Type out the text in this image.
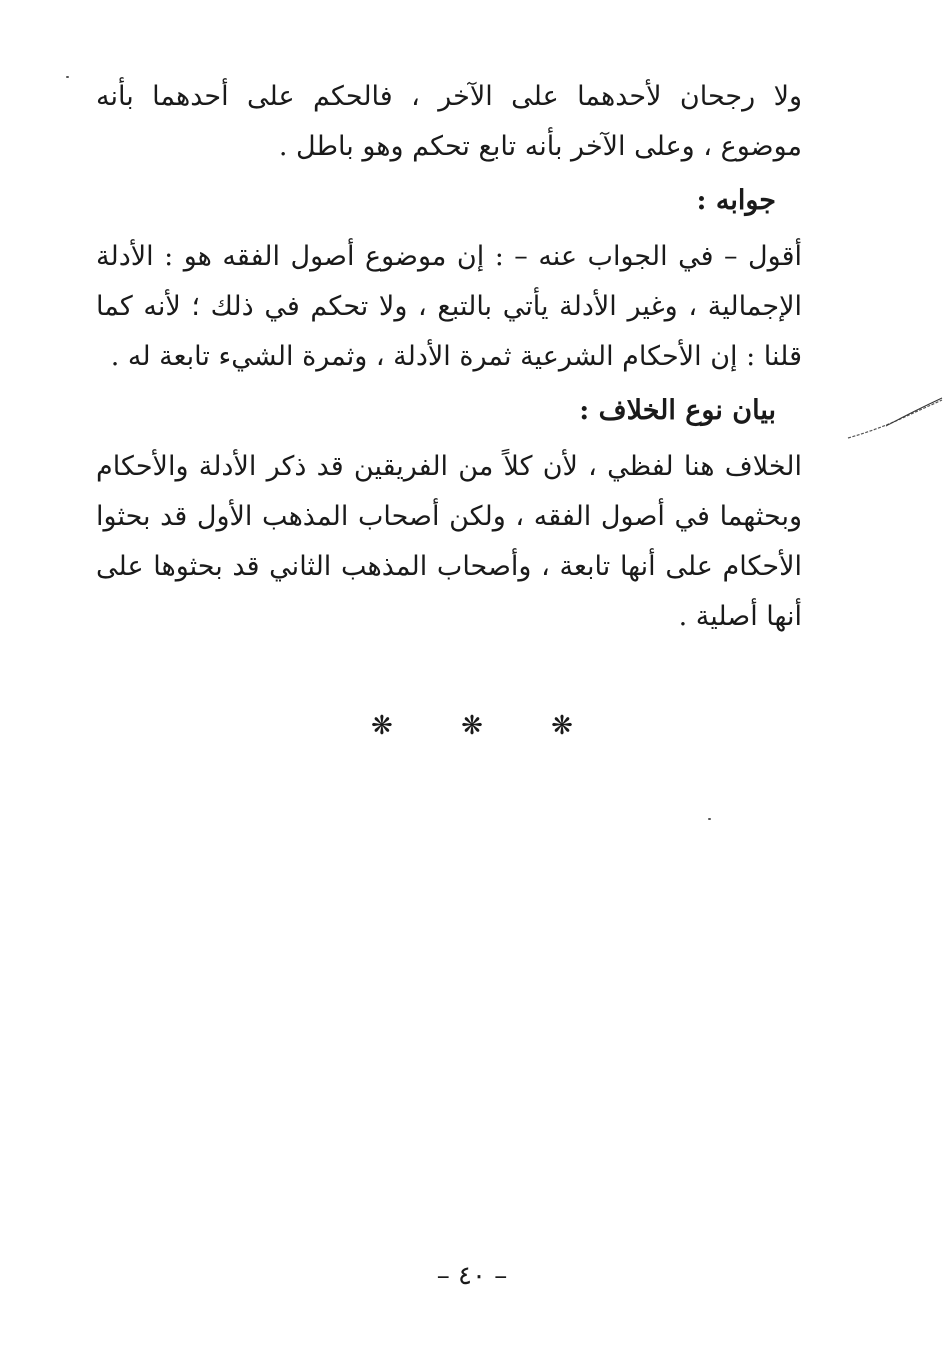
ولا رجحان لأحدهما على الآخر ، فالحكم على أحدهما بأنه موضوع ، وعلى الآخر بأنه تابع تحكم وهو باطل .
جوابه :
أقول – في الجواب عنه – : إن موضوع أصول الفقه هو : الأدلة الإجمالية ، وغير الأدلة يأتي بالتبع ، ولا تحكم في ذلك ؛ لأنه كما قلنا : إن الأحكام الشرعية ثمرة الأدلة ، وثمرة الشيء تابعة له .
بيان نوع الخلاف :
الخلاف هنا لفظي ، لأن كلاً من الفريقين قد ذكر الأدلة والأحكام وبحثهما في أصول الفقه ، ولكن أصحاب المذهب الأول قد بحثوا الأحكام على أنها تابعة ، وأصحاب المذهب الثاني قد بحثوها على أنها أصلية .
❋	❋	❋
– ٤٠ –
